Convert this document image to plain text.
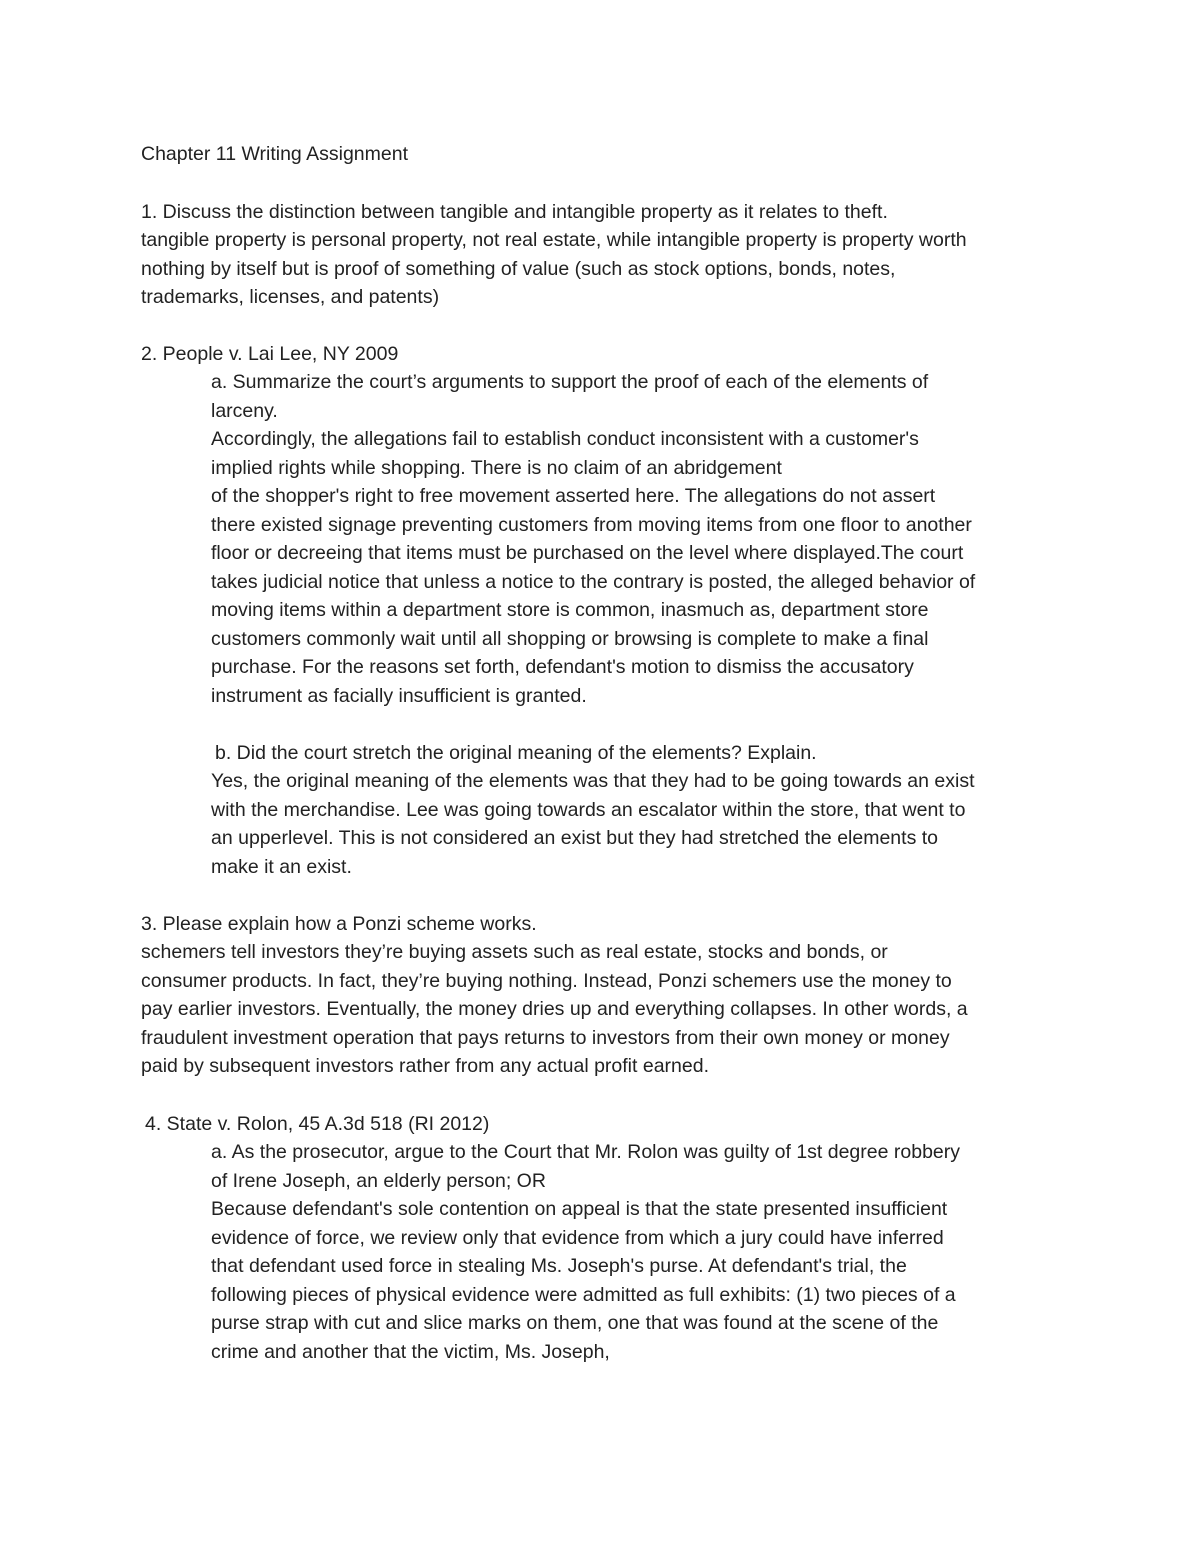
Chapter 11 Writing Assignment
1. Discuss the distinction between tangible and intangible property as it relates to theft.
tangible property is personal property, not real estate, while intangible property is property worth
nothing by itself but is proof of something of value (such as stock options, bonds, notes,
trademarks, licenses, and patents)
2. People v. Lai Lee, NY 2009
a. Summarize the court’s arguments to support the proof of each of the elements of
larceny.
Accordingly, the allegations fail to establish conduct inconsistent with a customer's
implied rights while shopping. There is no claim of an abridgement
of the shopper's right to free movement asserted here. The allegations do not assert
there existed signage preventing customers from moving items from one floor to another
floor or decreeing that items must be purchased on the level where displayed.The court
takes judicial notice that unless a notice to the contrary is posted, the alleged behavior of
moving items within a department store is common, inasmuch as, department store
customers commonly wait until all shopping or browsing is complete to make a final
purchase. For the reasons set forth, defendant's motion to dismiss the accusatory
instrument as facially insufficient is granted.
b. Did the court stretch the original meaning of the elements? Explain.
Yes, the original meaning of the elements was that they had to be going towards an exist
with the merchandise. Lee was going towards an escalator within the store, that went to
an upperlevel. This is not considered an exist but they had stretched the elements to
make it an exist.
3. Please explain how a Ponzi scheme works.
schemers tell investors they’re buying assets such as real estate, stocks and bonds, or
consumer products. In fact, they’re buying nothing. Instead, Ponzi schemers use the money to
pay earlier investors. Eventually, the money dries up and everything collapses. In other words, a
fraudulent investment operation that pays returns to investors from their own money or money
paid by subsequent investors rather from any actual profit earned.
4. State v. Rolon, 45 A.3d 518 (RI 2012)
a. As the prosecutor, argue to the Court that Mr. Rolon was guilty of 1st degree robbery
of Irene Joseph, an elderly person; OR
Because defendant's sole contention on appeal is that the state presented insufficient
evidence of force, we review only that evidence from which a jury could have inferred
that defendant used force in stealing Ms. Joseph's purse. At defendant's trial, the
following pieces of physical evidence were admitted as full exhibits: (1) two pieces of a
purse strap with cut and slice marks on them, one that was found at the scene of the
crime and another that the victim, Ms. Joseph,
